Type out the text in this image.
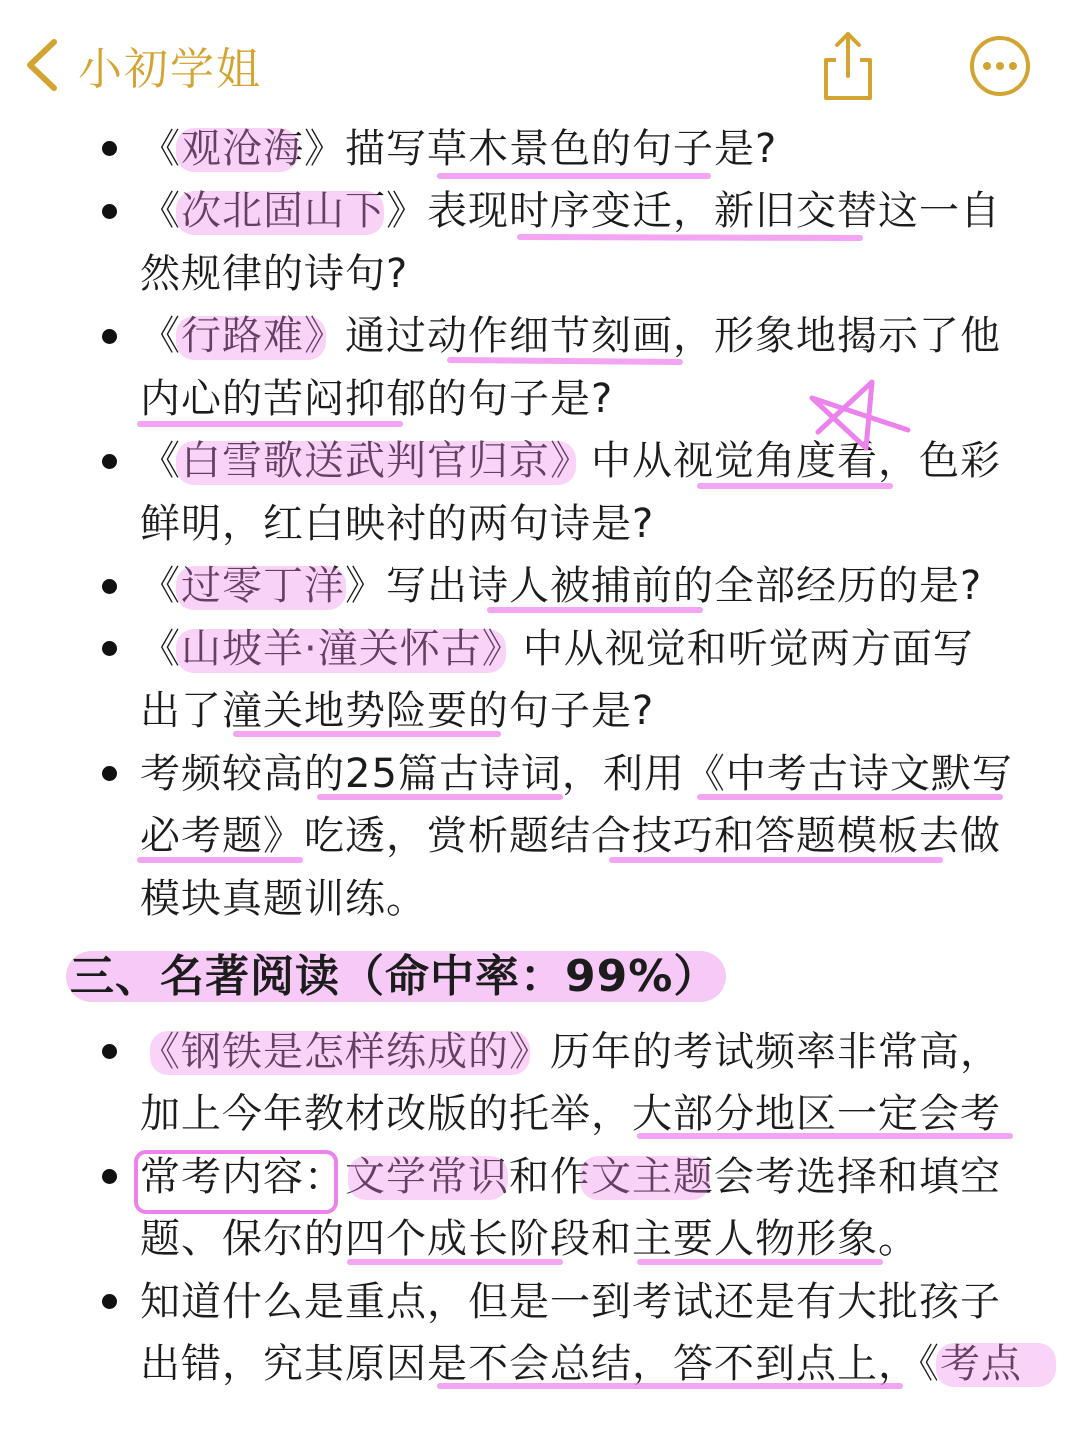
小初学姐
《观沧海》描写草木景色的句子是?
《次北固山下》表现时序变迁，新旧交替这一自
然规律的诗句?
《行路难》通过动作细节刻画，形象地揭示了他
内心的苦闷抑郁的句子是?
《白雪歌送武判官归京》中从视觉角度看，色彩
鲜明，红白映衬的两句诗是?
《过零丁洋》写出诗人被捕前的全部经历的是?
《山坡羊·潼关怀古》中从视觉和听觉两方面写
出了潼关地势险要的句子是?
考频较高的25篇古诗词，利用《中考古诗文默写
必考题》吃透，赏析题结合技巧和答题模板去做
模块真题训练。
三、名著阅读（命中率：99%）
《钢铁是怎样练成的》历年的考试频率非常高，
加上今年教材改版的托举，大部分地区一定会考
常考内容：文学常识和作文主题会考选择和填空
题、保尔的四个成长阶段和主要人物形象。
知道什么是重点，但是一到考试还是有大批孩子
出错，究其原因是不会总结，答不到点上，《考点
